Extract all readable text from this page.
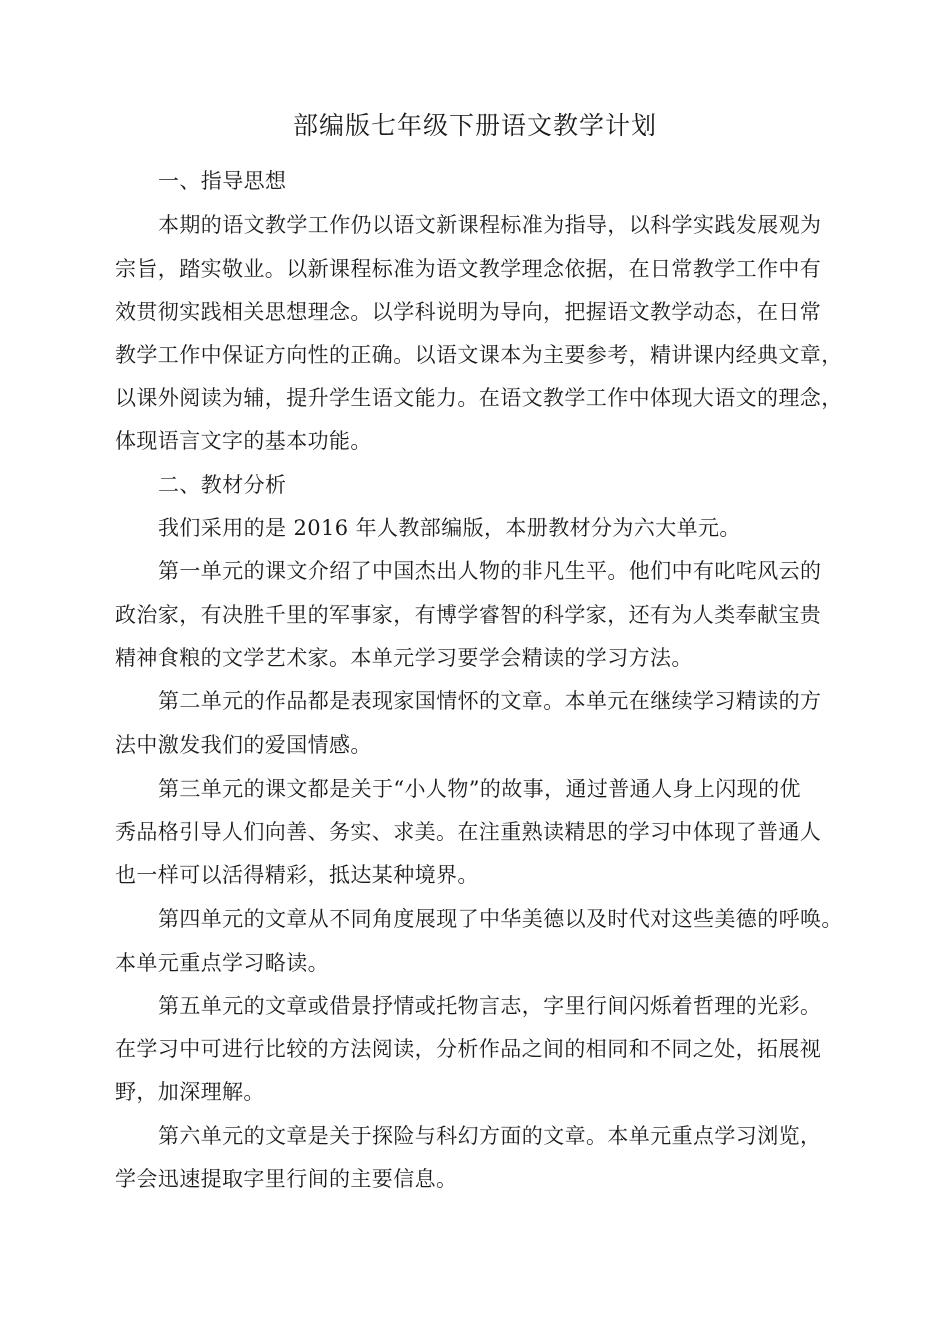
部编版七年级下册语文教学计划
一、指导思想
本期的语文教学工作仍以语文新课程标准为指导，以科学实践发展观为
宗旨，踏实敬业。以新课程标准为语文教学理念依据，在日常教学工作中有
效贯彻实践相关思想理念。以学科说明为导向，把握语文教学动态，在日常
教学工作中保证方向性的正确。以语文课本为主要参考，精讲课内经典文章，
以课外阅读为辅，提升学生语文能力。在语文教学工作中体现大语文的理念，
体现语言文字的基本功能。
二、教材分析
我们采用的是 2016 年人教部编版，本册教材分为六大单元。
第一单元的课文介绍了中国杰出人物的非凡生平。他们中有叱咤风云的
政治家，有决胜千里的军事家，有博学睿智的科学家，还有为人类奉献宝贵
精神食粮的文学艺术家。本单元学习要学会精读的学习方法。
第二单元的作品都是表现家国情怀的文章。本单元在继续学习精读的方
法中激发我们的爱国情感。
第三单元的课文都是关于“小人物”的故事，通过普通人身上闪现的优
秀品格引导人们向善、务实、求美。在注重熟读精思的学习中体现了普通人
也一样可以活得精彩，抵达某种境界。
第四单元的文章从不同角度展现了中华美德以及时代对这些美德的呼唤。
本单元重点学习略读。
第五单元的文章或借景抒情或托物言志，字里行间闪烁着哲理的光彩。
在学习中可进行比较的方法阅读，分析作品之间的相同和不同之处，拓展视
野，加深理解。
第六单元的文章是关于探险与科幻方面的文章。本单元重点学习浏览，
学会迅速提取字里行间的主要信息。
